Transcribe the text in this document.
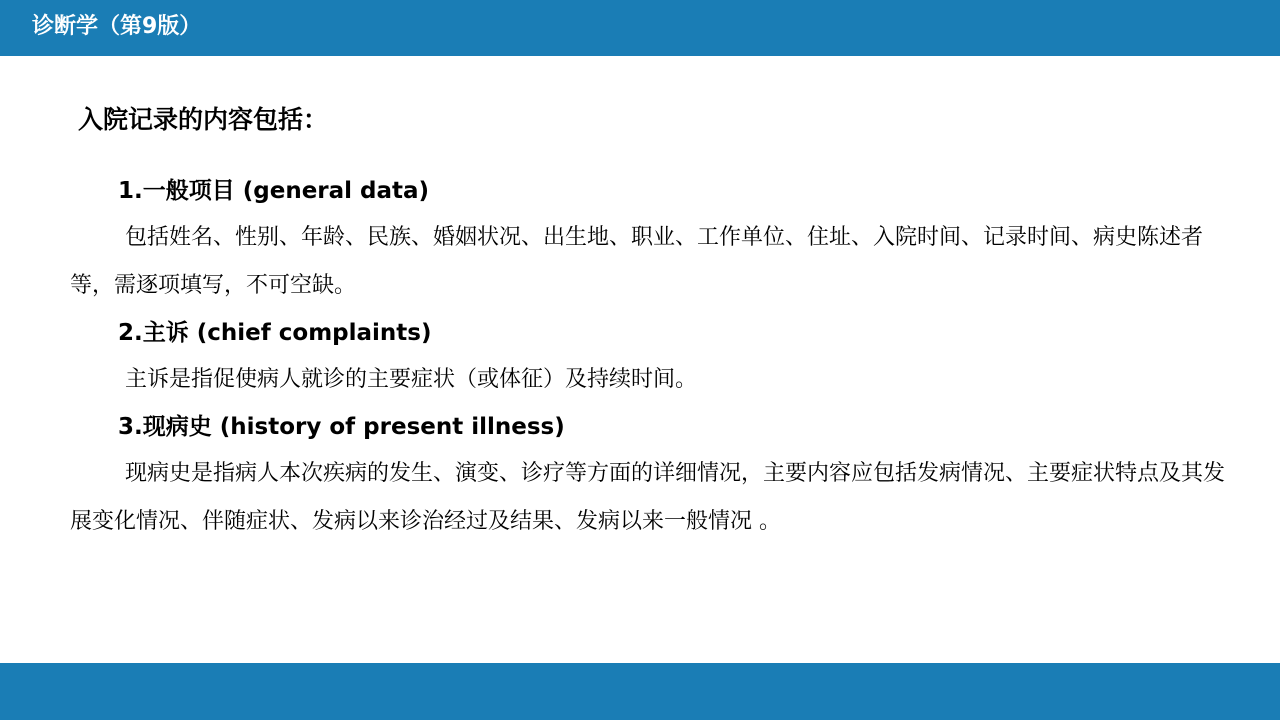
诊断学（第9版）
入院记录的内容包括：
1.一般项目 (general data)

包括姓名、性别、年龄、民族、婚姻状况、出生地、职业、工作单位、住址、入院时间、记录时间、病史陈述者等，需逐项填写，不可空缺。

2.主诉 (chief complaints)

主诉是指促使病人就诊的主要症状（或体征）及持续时间。

3.现病史 (history of present illness)

现病史是指病人本次疾病的发生、演变、诊疗等方面的详细情况，主要内容应包括发病情况、主要症状特点及其发展变化情况、伴随症状、发病以来诊治经过及结果、发病以来一般情况 。
